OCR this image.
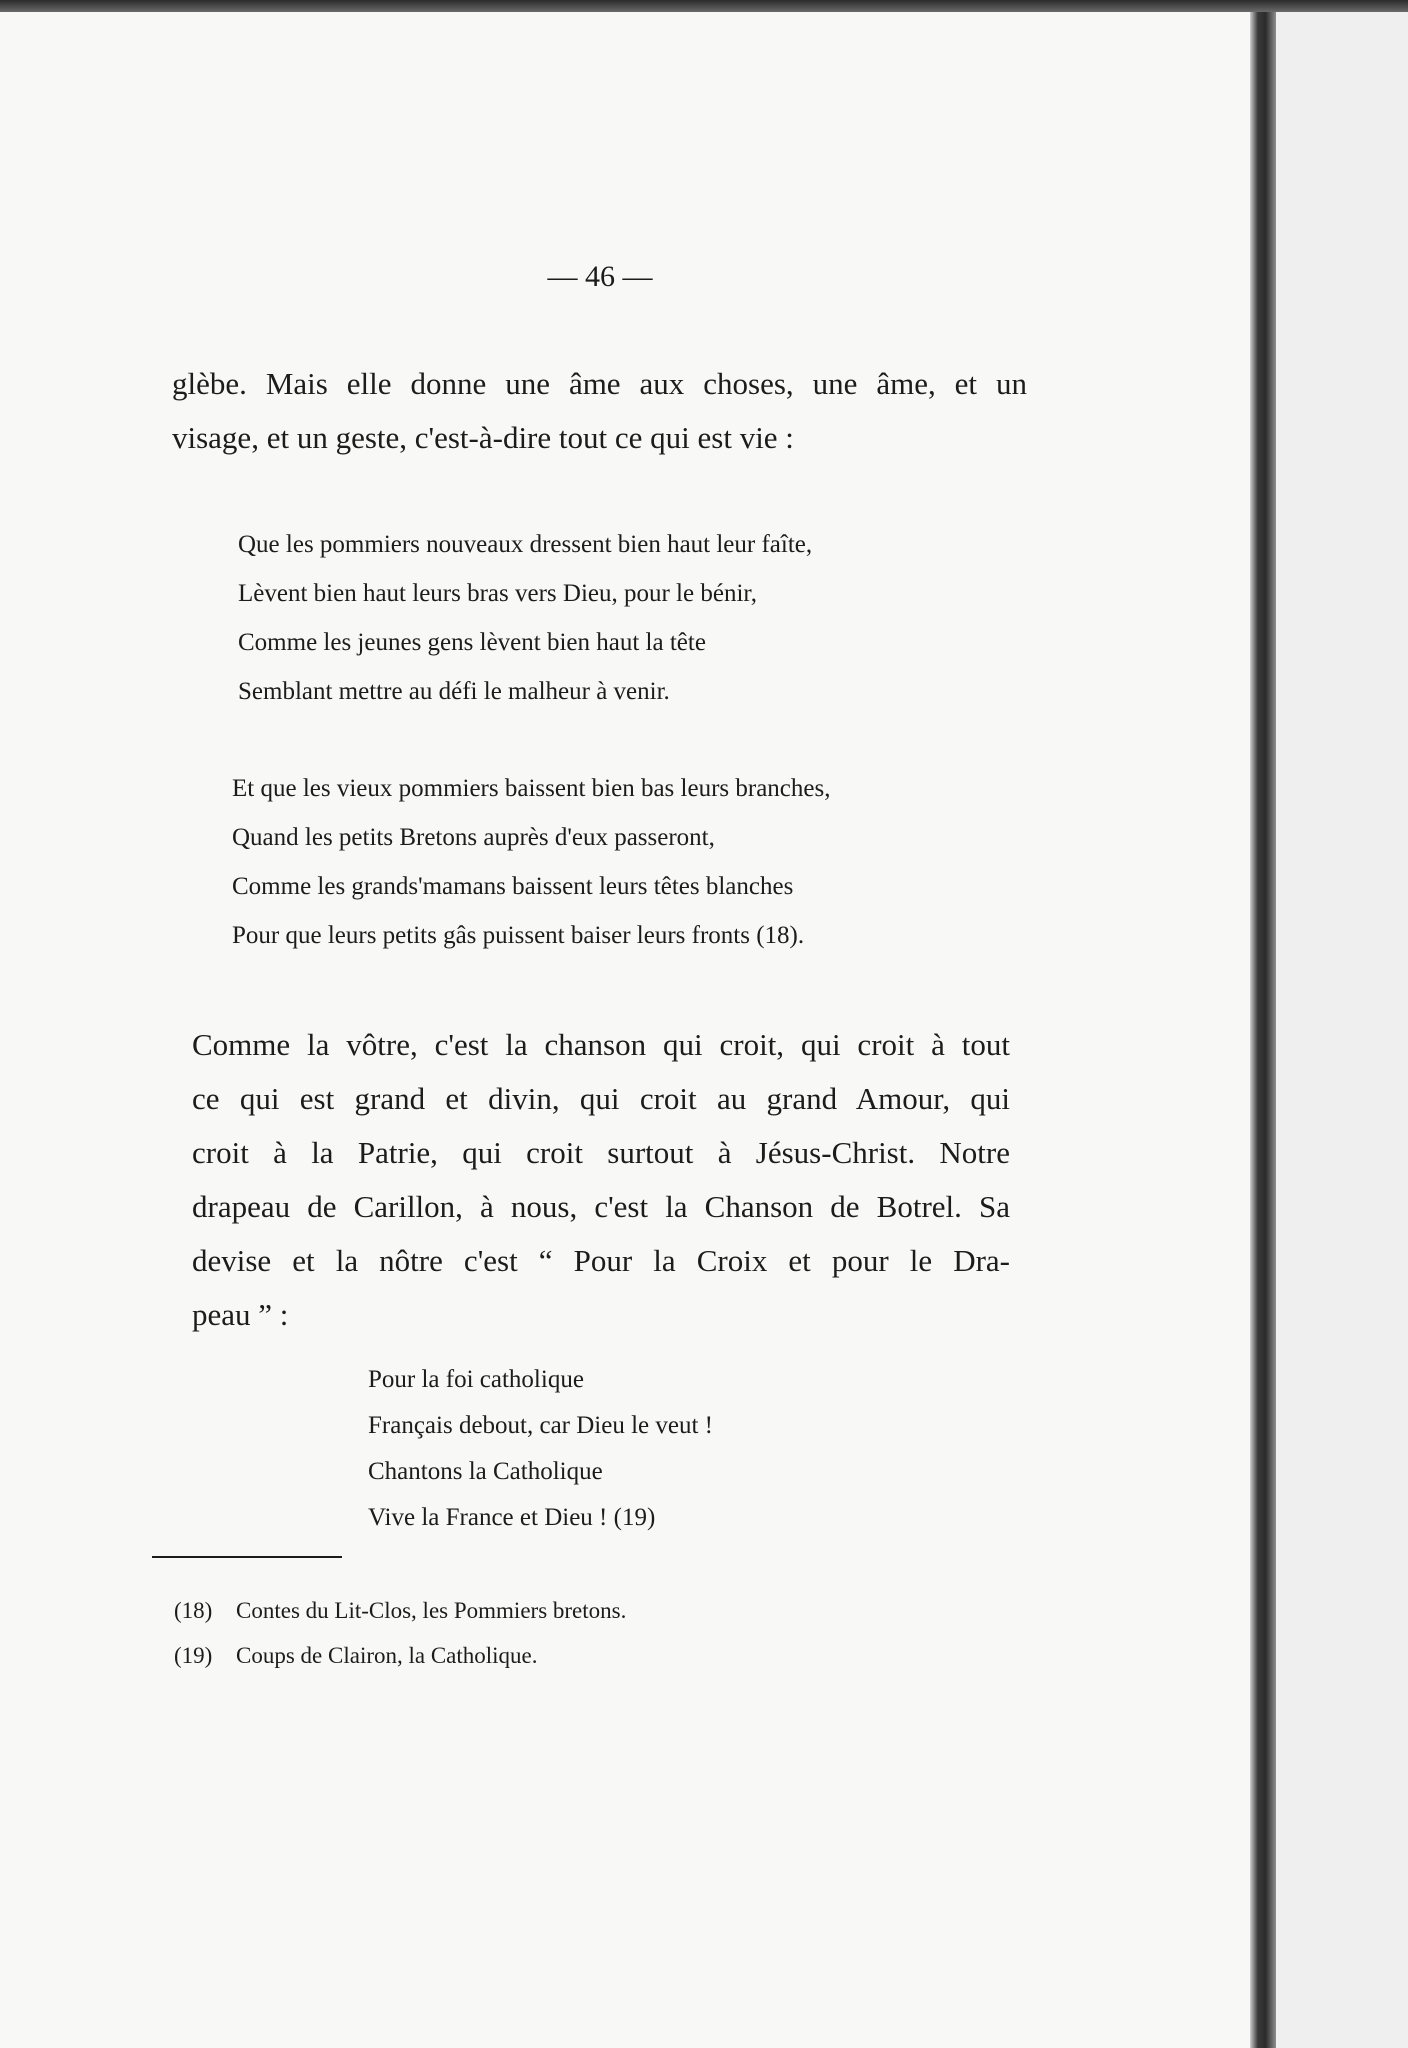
— 46 —

glèbe. Mais elle donne une âme aux choses, une âme, et un
visage, et un geste, c'est-à-dire tout ce qui est vie :

Que les pommiers nouveaux dressent bien haut leur faîte,
Lèvent bien haut leurs bras vers Dieu, pour le bénir,
Comme les jeunes gens lèvent bien haut la tête
Semblant mettre au défi le malheur à venir.
Et que les vieux pommiers baissent bien bas leurs branches,
Quand les petits Bretons auprès d'eux passeront,
Comme les grands'mamans baissent leurs têtes blanches
Pour que leurs petits gâs puissent baiser leurs fronts (18).

Comme la vôtre, c'est la chanson qui croit, qui croit à tout
ce qui est grand et divin, qui croit au grand Amour, qui
croit à la Patrie, qui croit surtout à Jésus-Christ. Notre
drapeau de Carillon, à nous, c'est la Chanson de Botrel. Sa
devise et la nôtre c'est “ Pour la Croix et pour le Dra-
peau ” :

Pour la foi catholique
Français debout, car Dieu le veut !
Chantons la Catholique
Vive la France et Dieu ! (19)
(18) Contes du Lit-Clos, les Pommiers bretons.
(19) Coups de Clairon, la Catholique.
